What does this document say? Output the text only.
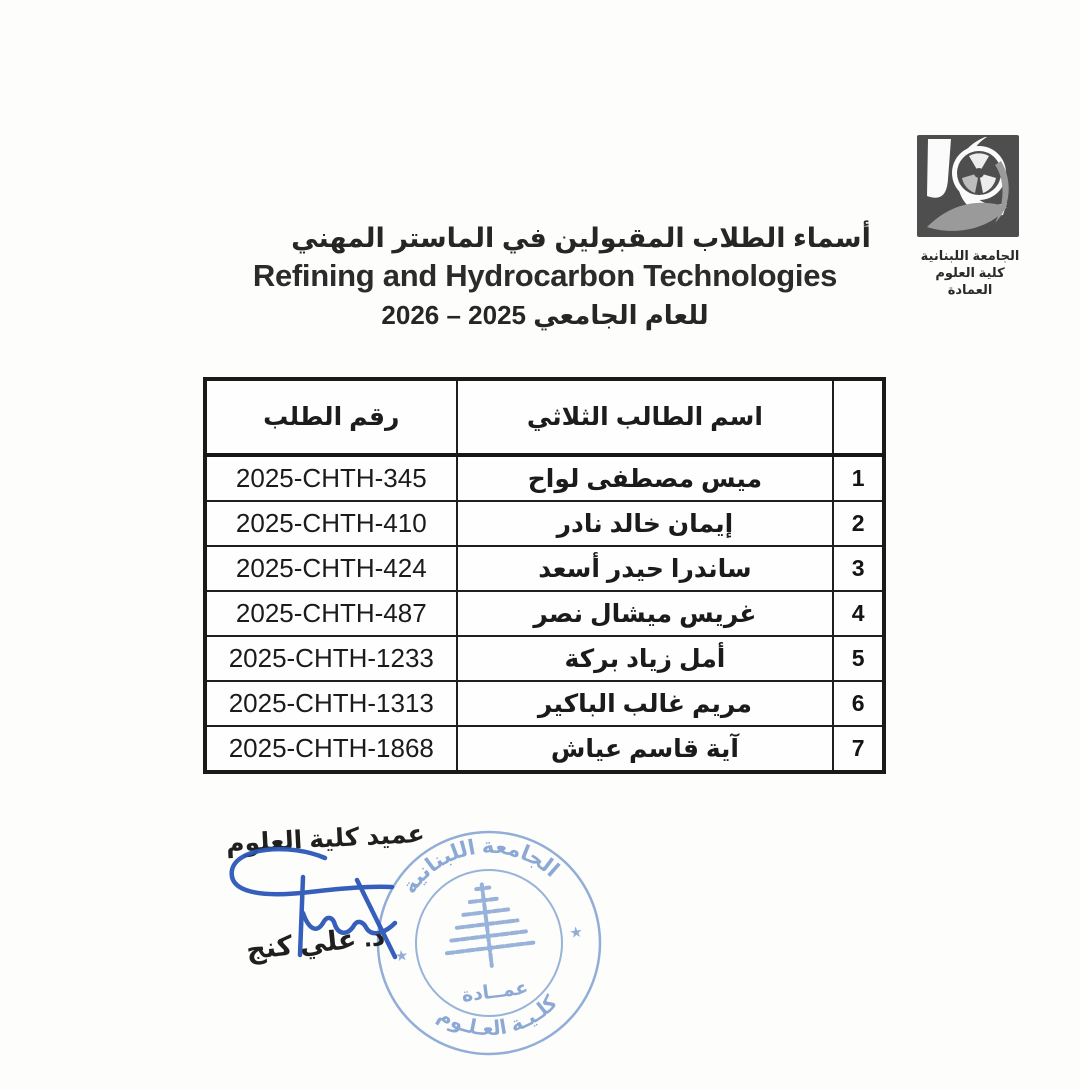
الجامعة اللبنانية
كلية العلوم
العمادة
أسماء الطلاب المقبولين في الماستر المهني
Refining and Hydrocarbon Technologies
للعام الجامعي 2025 – 2026
رقم الطلب	اسم الطالب الثلاثي	
2025-CHTH-345	ميس مصطفى لواح	1
2025-CHTH-410	إيمان خالد نادر	2
2025-CHTH-424	ساندرا حيدر أسعد	3
2025-CHTH-487	غريس ميشال نصر	4
2025-CHTH-1233	أمل زياد بركة	5
2025-CHTH-1313	مريم غالب الباكير	6
2025-CHTH-1868	آية قاسم عياش	7
الجامعة اللبنانية
كلـيـة العـلـوم
★
★
عمــادة
عميد كلية العلوم
د. علي كنج
